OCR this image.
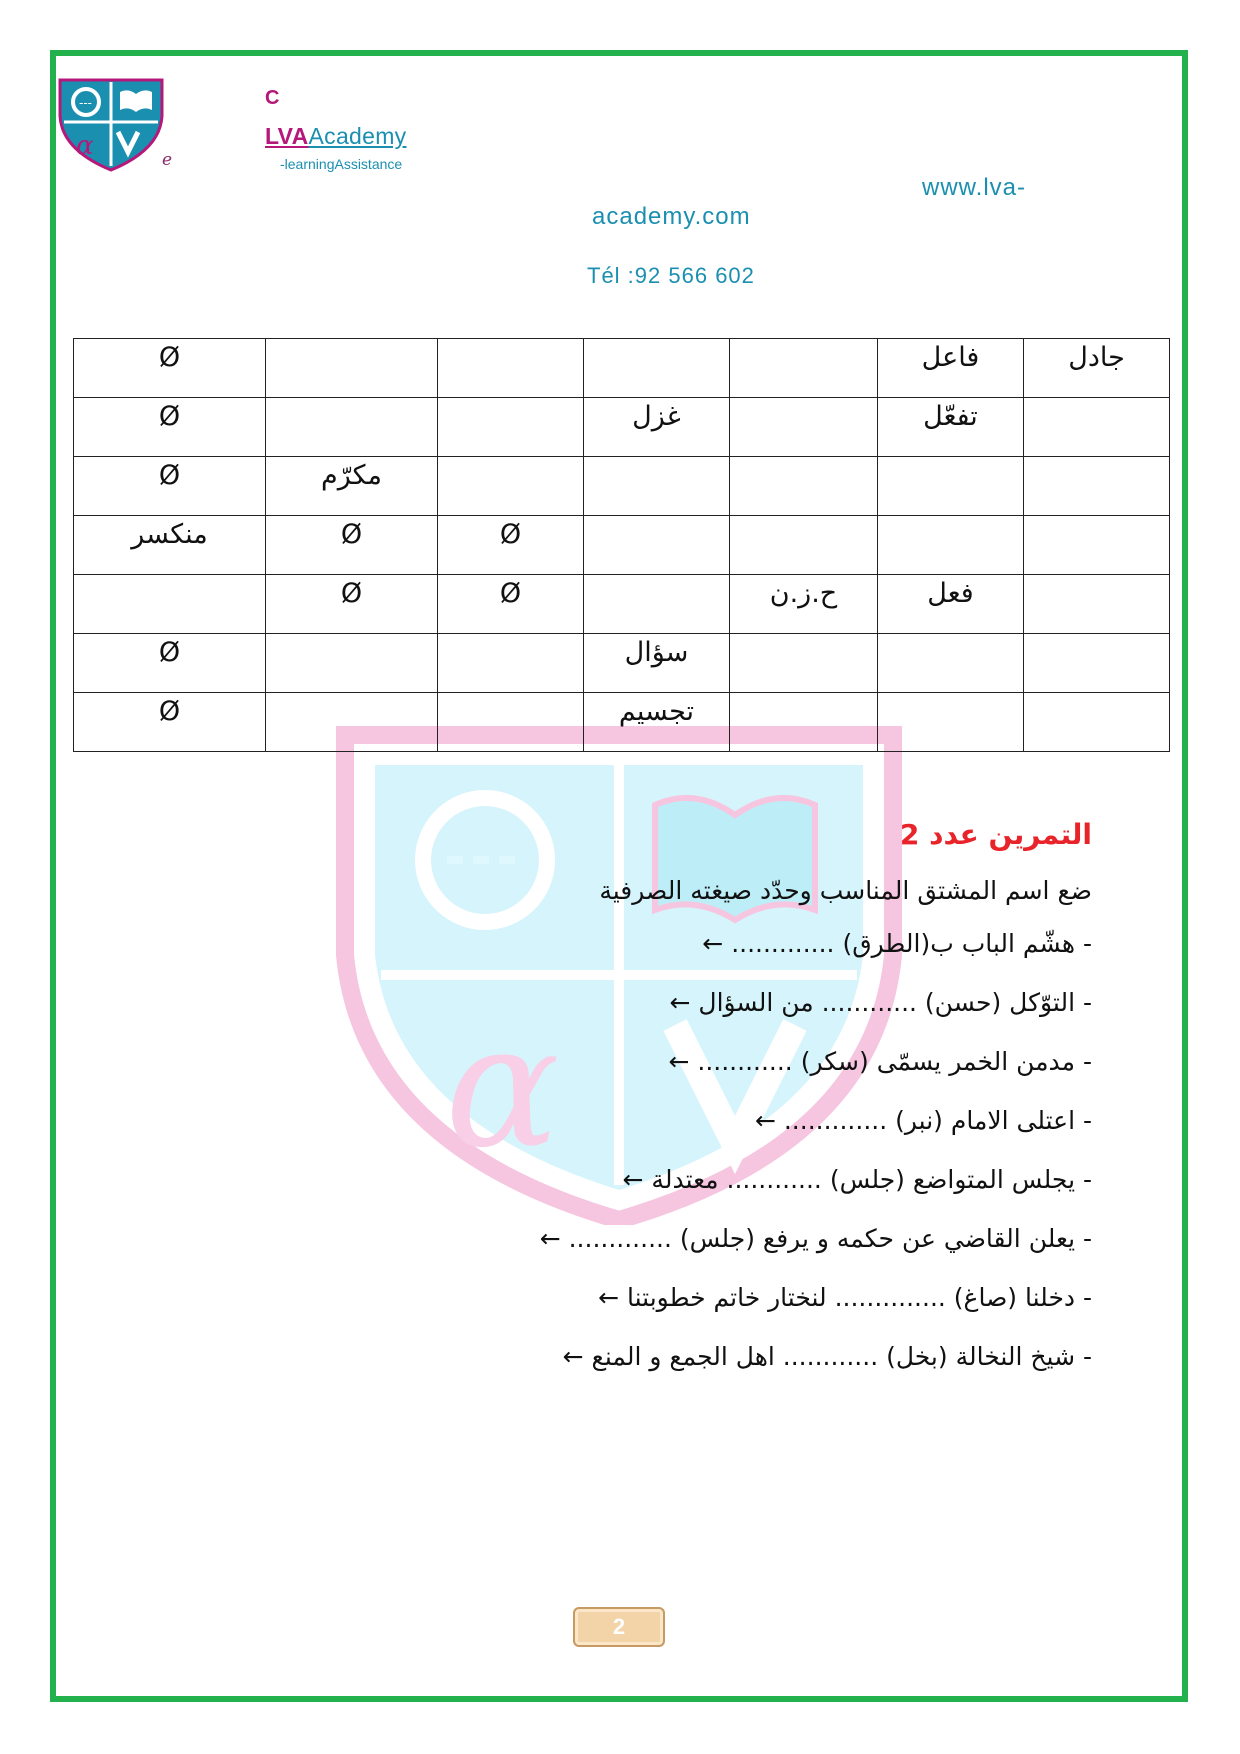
---
α	e
C
LVAAcademy
-learningAssistance
www.lva-
academy.com
Tél :92 566 602
α
جادل	فاعل					Ø
	تفعّل		غزل			Ø
					مكرّم	Ø
				Ø	Ø	منكسر
	فعل	ح.ز.ن		Ø	Ø	
			سؤال			Ø
			تجسيم			Ø
التمرين عدد 2
ضع اسم المشتق المناسب وحدّد صيغته الصرفية
- هشّم الباب ب(الطرق) ............. ←
- التوّكل (حسن) ............ من السؤال ←
- مدمن الخمر يسمّى (سكر) ............ ←
- اعتلى الامام (نبر) ............. ←
- يجلس المتواضع (جلس) ............ معتدلة ←
- يعلن القاضي عن حكمه و يرفع (جلس) ............. ←
- دخلنا (صاغ) .............. لنختار خاتم خطوبتنا ←
- شيخ النخالة (بخل) ............ اهل الجمع و المنع ←
2
